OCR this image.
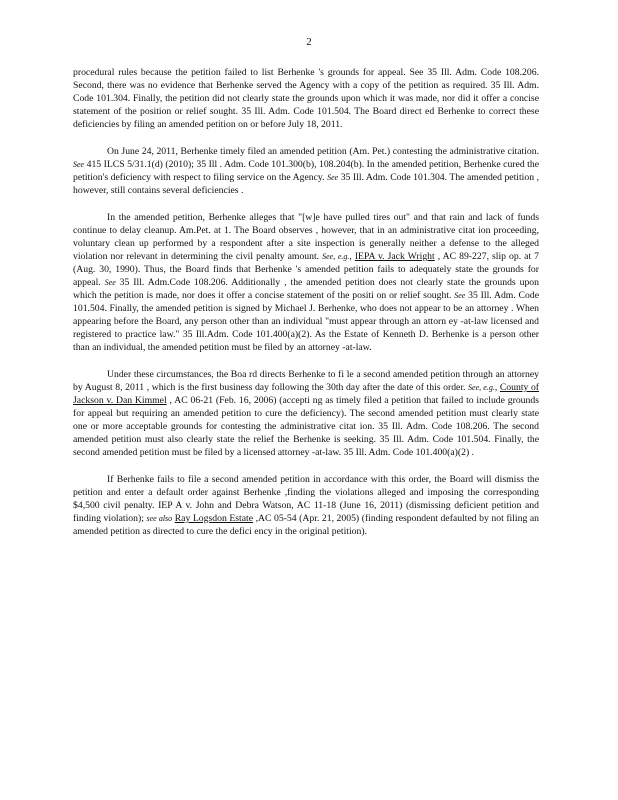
2

procedural rules because the petition failed to list Berhenke 's grounds for appeal. See 35 Ill. Adm. Code 108.206. Second, there was no evidence that Berhenke served the Agency with a copy of the petition as required. 35 Ill. Adm. Code 101.304. Finally, the petition did not clearly state the grounds upon which it was made, nor did it offer a concise statement of the position or relief sought. 35 Ill. Adm. Code 101.504. The Board direct ed Berhenke to correct these deficiencies by filing an amended petition on or before July 18, 2011.

On June 24, 2011, Berhenke timely filed an amended petition (Am. Pet.) contesting the administrative citation. See 415 ILCS 5/31.1(d) (2010); 35 Ill . Adm. Code 101.300(b), 108.204(b). In the amended petition, Berhenke cured the petition's deficiency with respect to filing service on the Agency. See 35 Ill. Adm. Code 101.304. The amended petition , however, still contains several deficiencies .

In the amended petition, Berhenke alleges that "[w]e have pulled tires out" and that rain and lack of funds continue to delay cleanup. Am.Pet. at 1. The Board observes , however, that in an administrative citat ion proceeding, voluntary clean up performed by a respondent after a site inspection is generally neither a defense to the alleged violation nor relevant in determining the civil penalty amount. See, e.g., IEPA v. Jack Wright , AC 89-227, slip op. at 7 (Aug. 30, 1990). Thus, the Board finds that Berhenke 's amended petition fails to adequately state the grounds for appeal. See 35 Ill. Adm.Code 108.206. Additionally , the amended petition does not clearly state the grounds upon which the petition is made, nor does it offer a concise statement of the positi on or relief sought. See 35 Ill. Adm. Code 101.504. Finally, the amended petition is signed by Michael J. Berhenke, who does not appear to be an attorney . When appearing before the Board, any person other than an individual "must appear through an attorn ey -at-law licensed and registered to practice law." 35 Ill.Adm. Code 101.400(a)(2). As the Estate of Kenneth D. Berhenke is a person other than an individual, the amended petition must be filed by an attorney -at-law.

Under these circumstances, the Boa rd directs Berhenke to fi le a second amended petition through an attorney by August 8, 2011 , which is the first business day following the 30th day after the date of this order. See, e.g., County of Jackson v. Dan Kimmel , AC 06-21 (Feb. 16, 2006) (accepti ng as timely filed a petition that failed to include grounds for appeal but requiring an amended petition to cure the deficiency). The second amended petition must clearly state one or more acceptable grounds for contesting the administrative citat ion. 35 Ill. Adm. Code 108.206. The second amended petition must also clearly state the relief the Berhenke is seeking. 35 Ill. Adm. Code 101.504. Finally, the second amended petition must be filed by a licensed attorney -at-law. 35 Ill. Adm. Code 101.400(a)(2) .

If Berhenke fails to file a second amended petition in accordance with this order, the Board will dismiss the petition and enter a default order against Berhenke ,finding the violations alleged and imposing the corresponding $4,500 civil penalty. IEP A v. John and Debra Watson, AC 11-18 (June 16, 2011) (dismissing deficient petition and finding violation); see also Ray Logsdon Estate ,AC 05-54 (Apr. 21, 2005) (finding respondent defaulted by not filing an amended petition as directed to cure the defici ency in the original petition).
